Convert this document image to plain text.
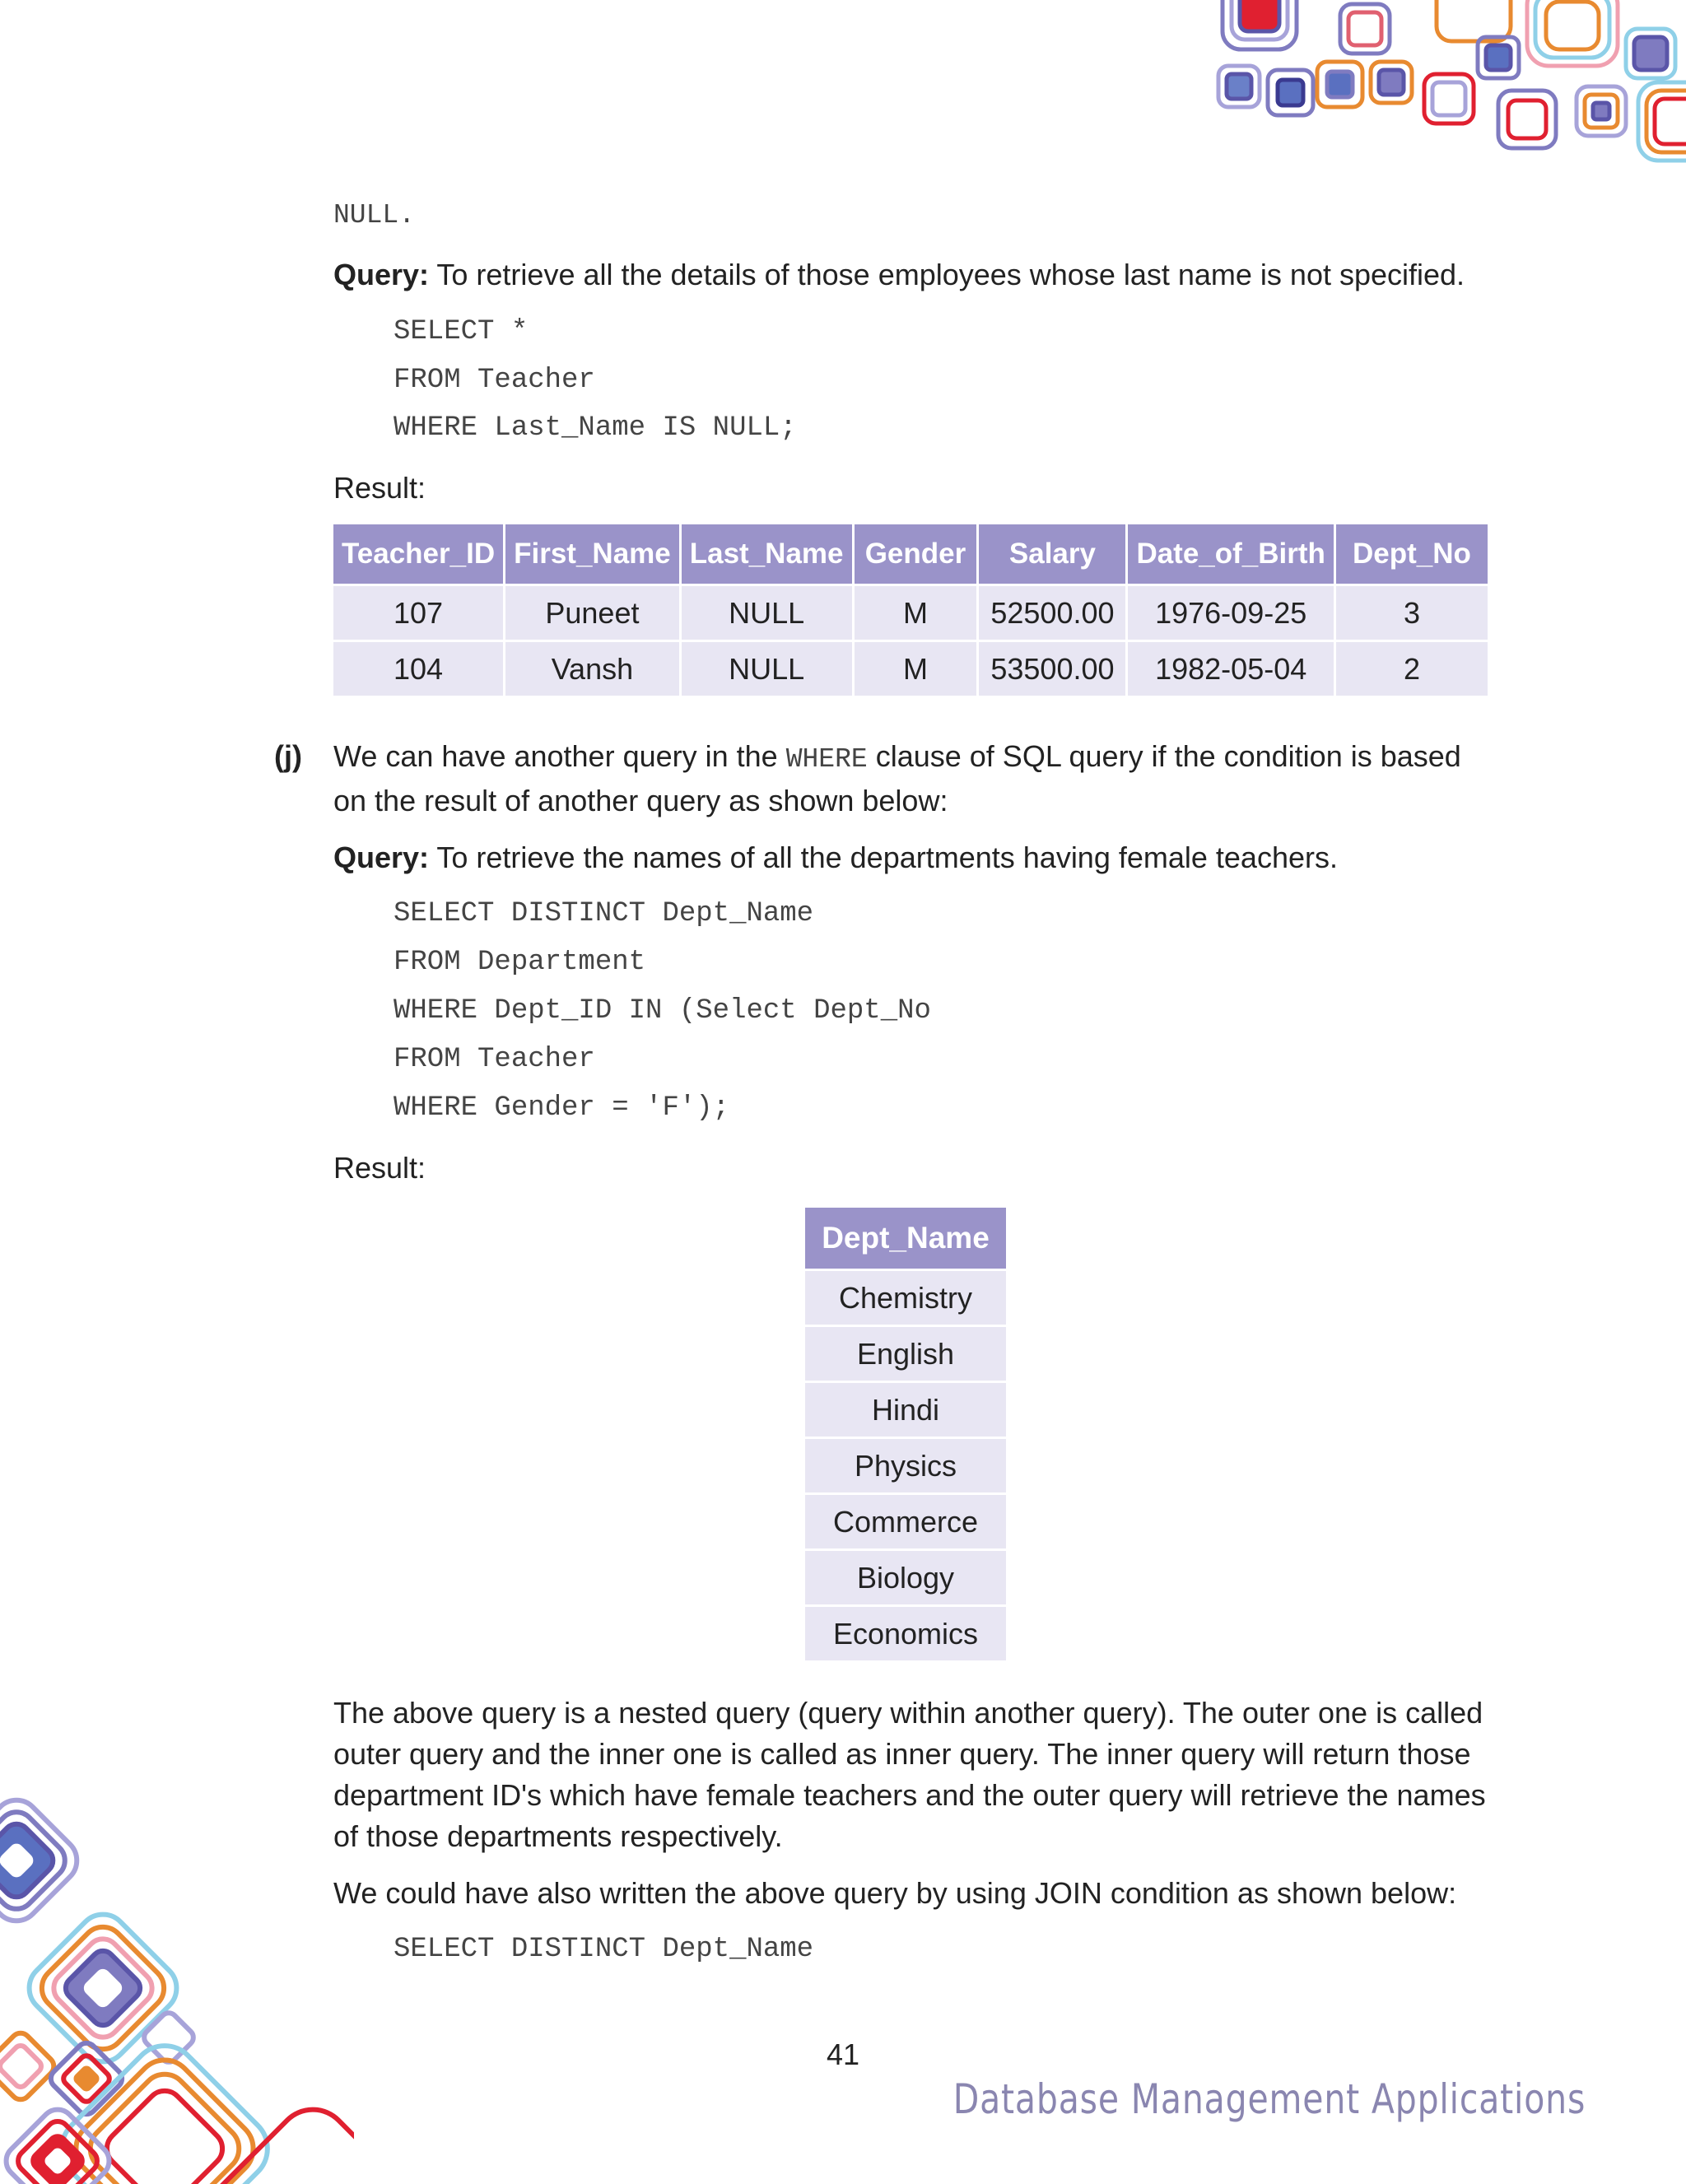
NULL.
Query: To retrieve all the details of those employees whose last name is not specified.
SELECT *
FROM Teacher
WHERE Last_Name IS NULL;
Result:
Teacher_ID	First_Name	Last_Name	Gender	Salary	Date_of_Birth	Dept_No
107	Puneet	NULL	M	52500.00	1976-09-25	3
104	Vansh	NULL	M	53500.00	1982-05-04	2
(j) We can have another query in the WHERE clause of SQL query if the condition is based on the result of another query as shown below:
Query: To retrieve the names of all the departments having female teachers.
SELECT DISTINCT Dept_Name
FROM Department
WHERE Dept_ID IN (Select Dept_No
FROM Teacher
WHERE Gender = 'F');
Result:
Dept_Name
Chemistry
English
Hindi
Physics
Commerce
Biology
Economics
The above query is a nested query (query within another query). The outer one is called outer query and the inner one is called as inner query. The inner query will return those department ID's which have female teachers and the outer query will retrieve the names of those departments respectively.
We could have also written the above query by using JOIN condition as shown below:
SELECT DISTINCT Dept_Name
41
Database Management Applications
